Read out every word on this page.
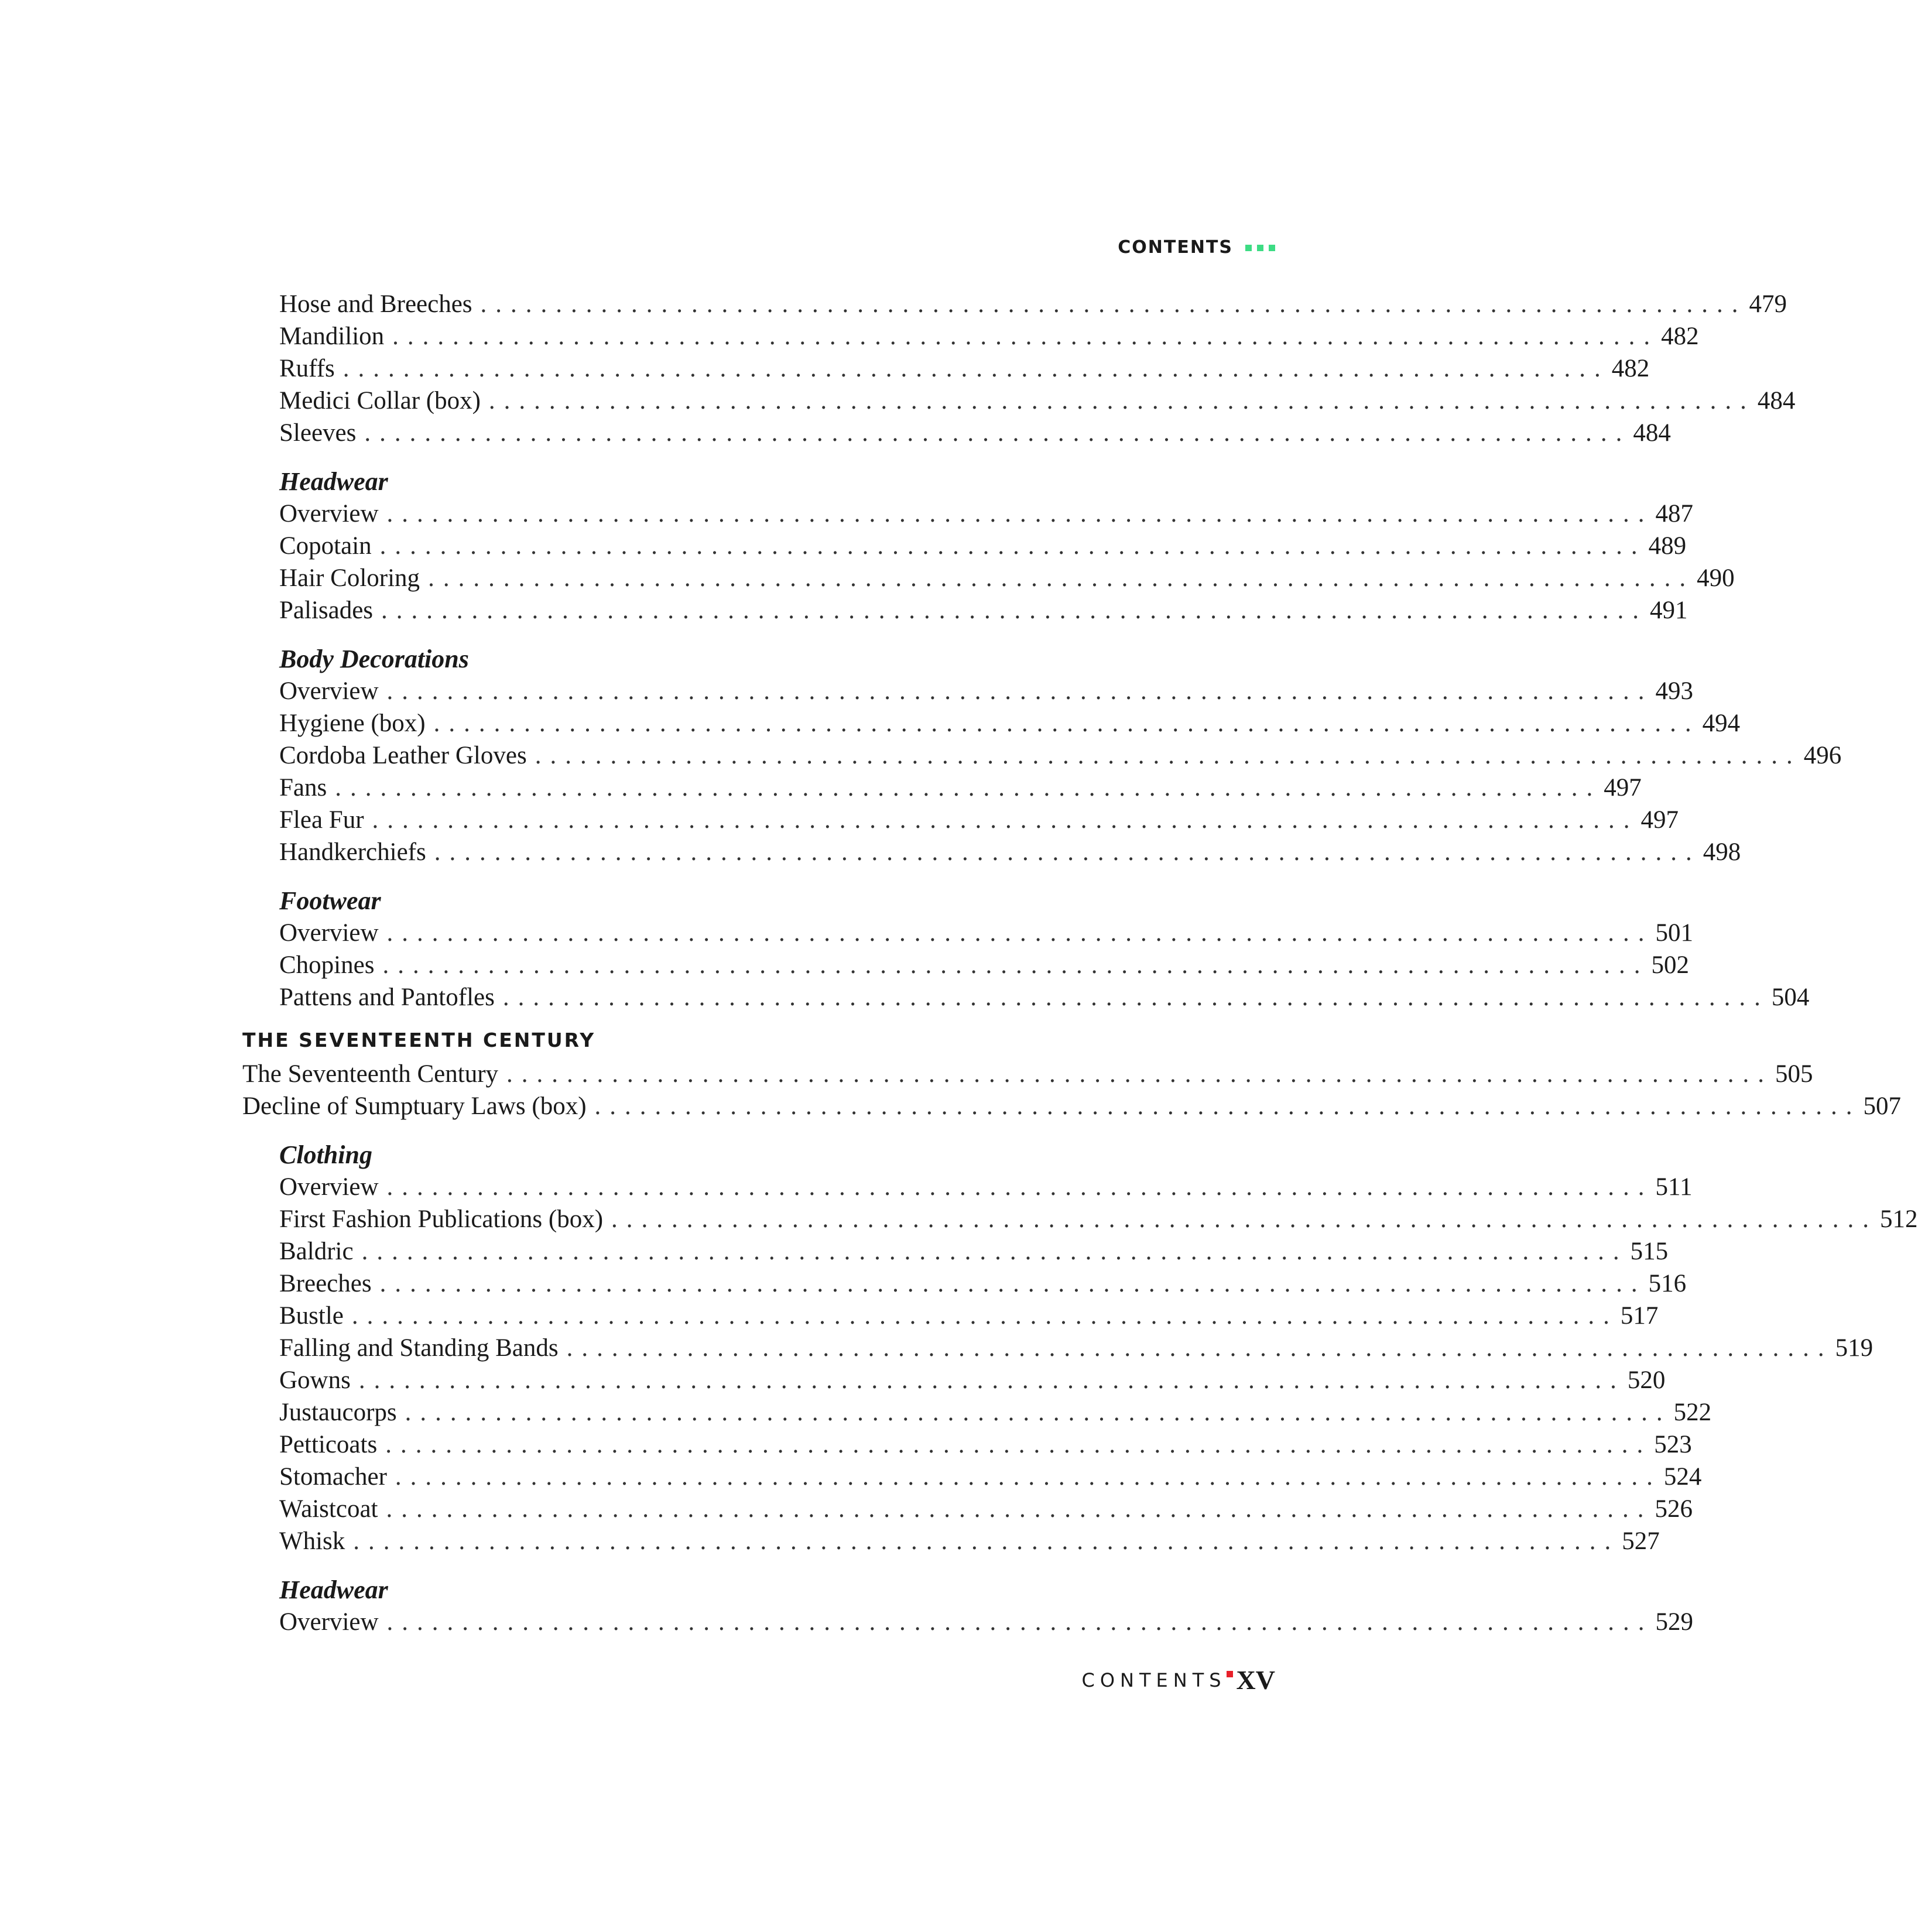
CONTENTS
Hose and Breeches .................................................................................... 479
Mandilion .................................................................................... 482
Ruffs .................................................................................... 482
Medici Collar (box) .................................................................................... 484
Sleeves .................................................................................... 484
Headwear
Overview .................................................................................... 487
Copotain .................................................................................... 489
Hair Coloring .................................................................................... 490
Palisades .................................................................................... 491
Body Decorations
Overview .................................................................................... 493
Hygiene (box) .................................................................................... 494
Cordoba Leather Gloves .................................................................................... 496
Fans .................................................................................... 497
Flea Fur .................................................................................... 497
Handkerchiefs .................................................................................... 498
Footwear
Overview .................................................................................... 501
Chopines .................................................................................... 502
Pattens and Pantofles .................................................................................... 504
THE SEVENTEENTH CENTURY
The Seventeenth Century .................................................................................... 505
Decline of Sumptuary Laws (box) .................................................................................... 507
Clothing
Overview .................................................................................... 511
First Fashion Publications (box) .................................................................................... 512
Baldric .................................................................................... 515
Breeches .................................................................................... 516
Bustle .................................................................................... 517
Falling and Standing Bands .................................................................................... 519
Gowns .................................................................................... 520
Justaucorps .................................................................................... 522
Petticoats .................................................................................... 523
Stomacher .................................................................................... 524
Waistcoat .................................................................................... 526
Whisk .................................................................................... 527
Headwear
Overview .................................................................................... 529
CONTENTS XV
